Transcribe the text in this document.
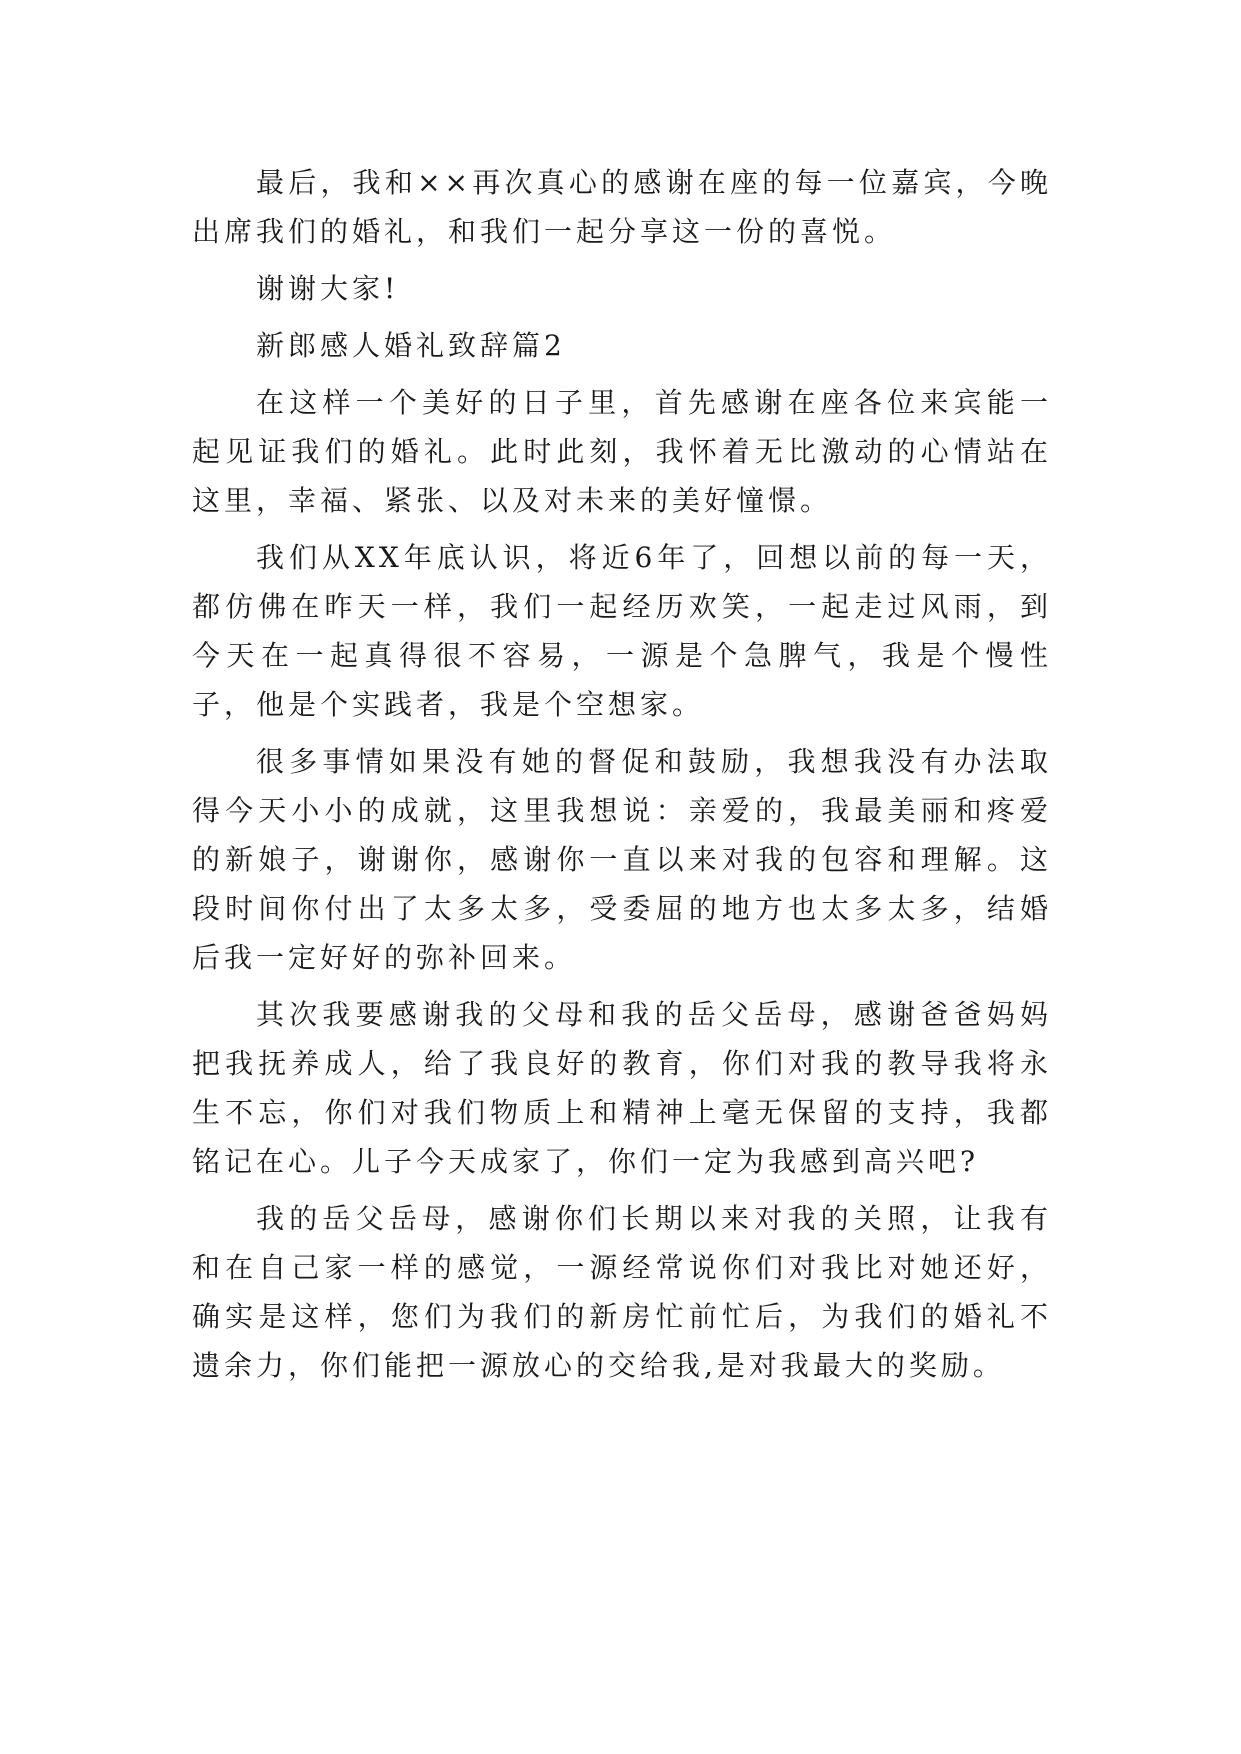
最后，我和××再次真心的感谢在座的每一位嘉宾，今晚出席我们的婚礼，和我们一起分享这一份的喜悦。

谢谢大家!

新郎感人婚礼致辞篇2

在这样一个美好的日子里，首先感谢在座各位来宾能一起见证我们的婚礼。此时此刻，我怀着无比激动的心情站在这里，幸福、紧张、以及对未来的美好憧憬。

我们从XX年底认识，将近6年了，回想以前的每一天，都仿佛在昨天一样，我们一起经历欢笑，一起走过风雨，到今天在一起真得很不容易，一源是个急脾气，我是个慢性子，他是个实践者，我是个空想家。

很多事情如果没有她的督促和鼓励，我想我没有办法取得今天小小的成就，这里我想说：亲爱的，我最美丽和疼爱的新娘子，谢谢你，感谢你一直以来对我的包容和理解。这段时间你付出了太多太多，受委屈的地方也太多太多，结婚后我一定好好的弥补回来。

其次我要感谢我的父母和我的岳父岳母，感谢爸爸妈妈把我抚养成人，给了我良好的教育，你们对我的教导我将永生不忘，你们对我们物质上和精神上毫无保留的支持，我都铭记在心。儿子今天成家了，你们一定为我感到高兴吧?

我的岳父岳母，感谢你们长期以来对我的关照，让我有和在自己家一样的感觉，一源经常说你们对我比对她还好，确实是这样，您们为我们的新房忙前忙后，为我们的婚礼不遗余力，你们能把一源放心的交给我,是对我最大的奖励。
